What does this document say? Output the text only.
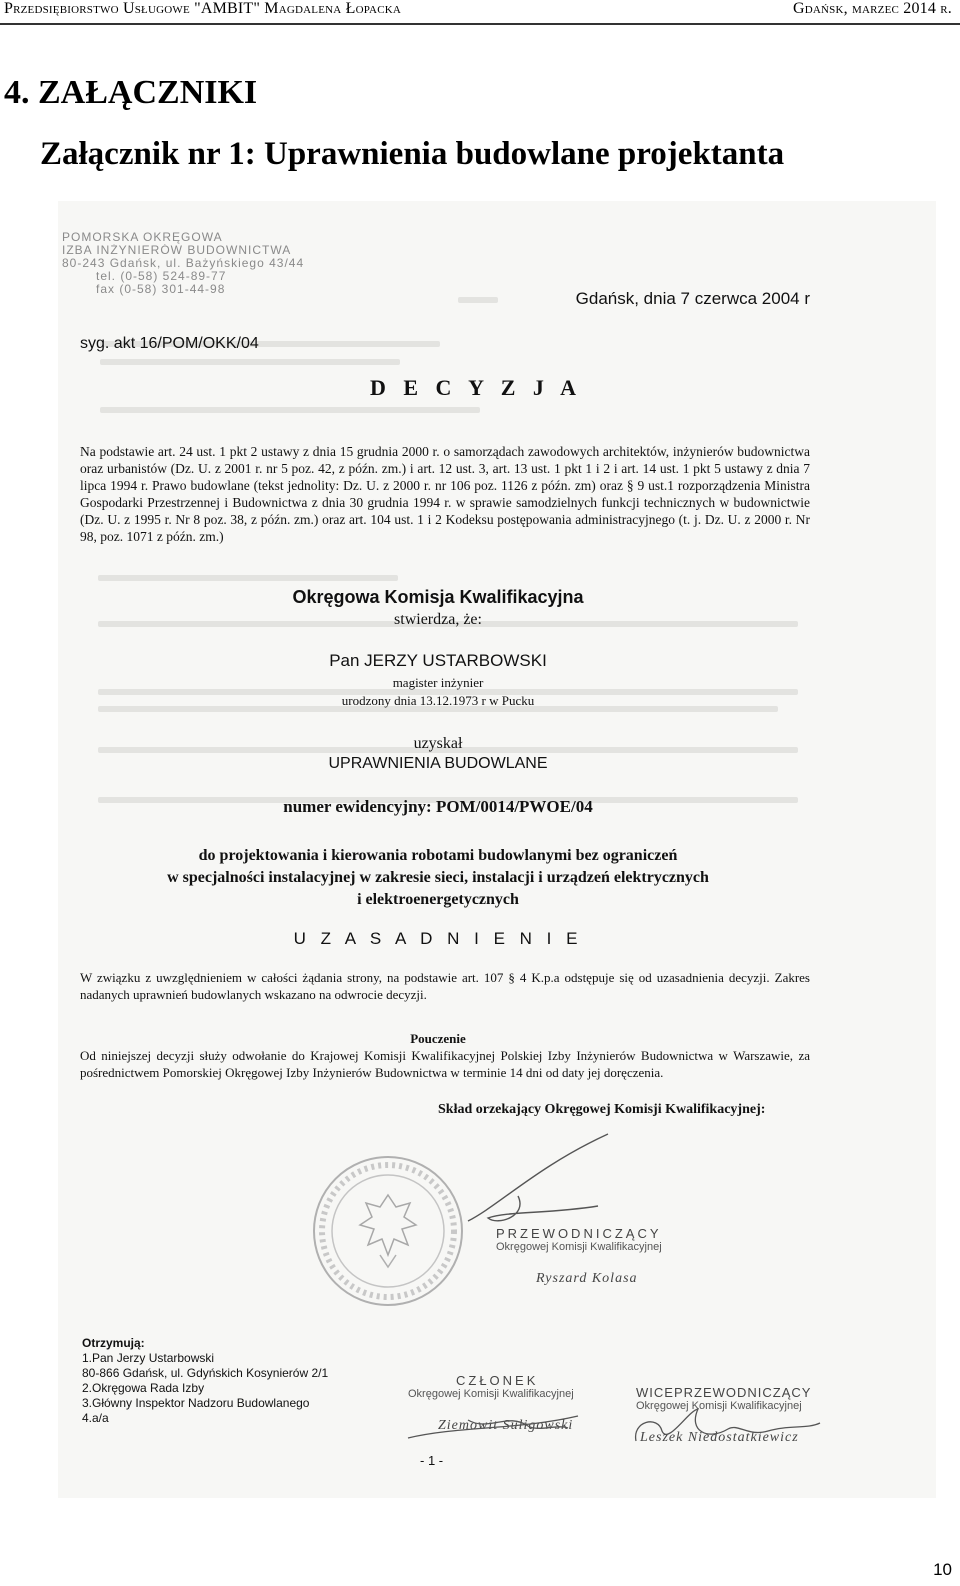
Przedsiębiorstwo Usługowe "AMBIT" Magdalena Łopacka	Gdańsk, marzec 2014 r.
4. ZAŁĄCZNIKI
Załącznik nr 1: Uprawnienia budowlane projektanta
POMORSKA OKRĘGOWA
IZBA INŻYNIERÓW BUDOWNICTWA
80-243 Gdańsk, ul. Bażyńskiego 43/44
tel. (0-58) 524-89-77
fax (0-58) 301-44-98	Gdańsk, dnia 7 czerwca 2004 r
syg. akt 16/POM/OKK/04
D E C Y Z J A
Na podstawie art. 24 ust. 1 pkt 2 ustawy z dnia 15 grudnia 2000 r. o samorządach zawodowych architektów, inżynierów budownictwa oraz urbanistów (Dz. U. z 2001 r. nr 5 poz. 42, z późn. zm.) i art. 12 ust. 3, art. 13 ust. 1 pkt 1 i 2 i art. 14 ust. 1 pkt 5 ustawy z dnia 7 lipca 1994 r. Prawo budowlane (tekst jednolity: Dz. U. z 2000 r. nr 106 poz. 1126 z późn. zm) oraz § 9 ust.1 rozporządzenia Ministra Gospodarki Przestrzennej i Budownictwa z dnia 30 grudnia 1994 r. w sprawie samodzielnych funkcji technicznych w budownictwie (Dz. U. z 1995 r. Nr 8 poz. 38, z późn. zm.) oraz art. 104 ust. 1 i 2 Kodeksu postępowania administracyjnego (t. j. Dz. U. z 2000 r. Nr 98, poz. 1071 z późn. zm.)
Okręgowa Komisja Kwalifikacyjna
stwierdza, że:
Pan JERZY USTARBOWSKI
magister inżynier
urodzony dnia 13.12.1973 r w Pucku
uzyskał
UPRAWNIENIA BUDOWLANE
numer ewidencyjny: POM/0014/PWOE/04
do projektowania i kierowania robotami budowlanymi bez ograniczeń
w specjalności instalacyjnej w zakresie sieci, instalacji i urządzeń elektrycznych
i elektroenergetycznych
U Z A S A D N I E N I E
W związku z uwzględnieniem w całości żądania strony, na podstawie art. 107 § 4 K.p.a odstępuje się od uzasadnienia decyzji. Zakres nadanych uprawnień budowlanych wskazano na odwrocie decyzji.
Pouczenie
Od niniejszej decyzji służy odwołanie do Krajowej Komisji Kwalifikacyjnej Polskiej Izby Inżynierów Budownictwa w Warszawie, za pośrednictwem Pomorskiej Okręgowej Izby Inżynierów Budownictwa w terminie 14 dni od daty jej doręczenia.
Skład orzekający Okręgowej Komisji Kwalifikacyjnej:
PRZEWODNICZĄCY
Okręgowej Komisji Kwalifikacyjnej
Ryszard Kolasa
Otrzymują:
1.Pan Jerzy Ustarbowski
80-866 Gdańsk, ul. Gdyńskich Kosynierów 2/1
2.Okręgowa Rada Izby
3.Główny Inspektor Nadzoru Budowlanego
4.a/a
CZŁONEK
Okręgowej Komisji Kwalifikacyjnej
Ziemowit Suligowski
WICEPRZEWODNICZĄCY
Okręgowej Komisji Kwalifikacyjnej
Leszek Niedostatkiewicz
- 1 -
10
